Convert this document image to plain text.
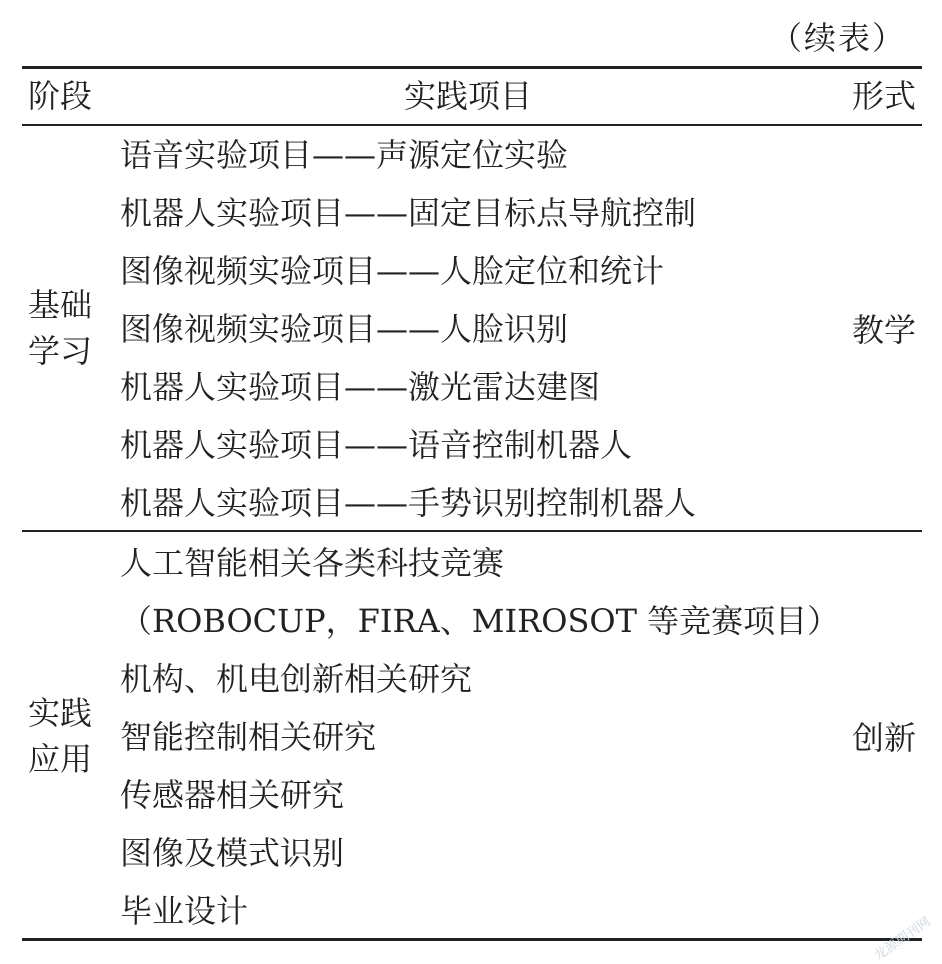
（续表）
阶段	实践项目	形式
基础
学习
语音实验项目——声源定位实验
机器人实验项目——固定目标点导航控制
图像视频实验项目——人脸定位和统计
图像视频实验项目——人脸识别
机器人实验项目——激光雷达建图
机器人实验项目——语音控制机器人
机器人实验项目——手势识别控制机器人
教学
实践
应用
人工智能相关各类科技竞赛
（ROBOCUP，FIRA、MIROSOT 等竞赛项目）
机构、机电创新相关研究
智能控制相关研究
传感器相关研究
图像及模式识别
毕业设计
创新
龙源期刊网
